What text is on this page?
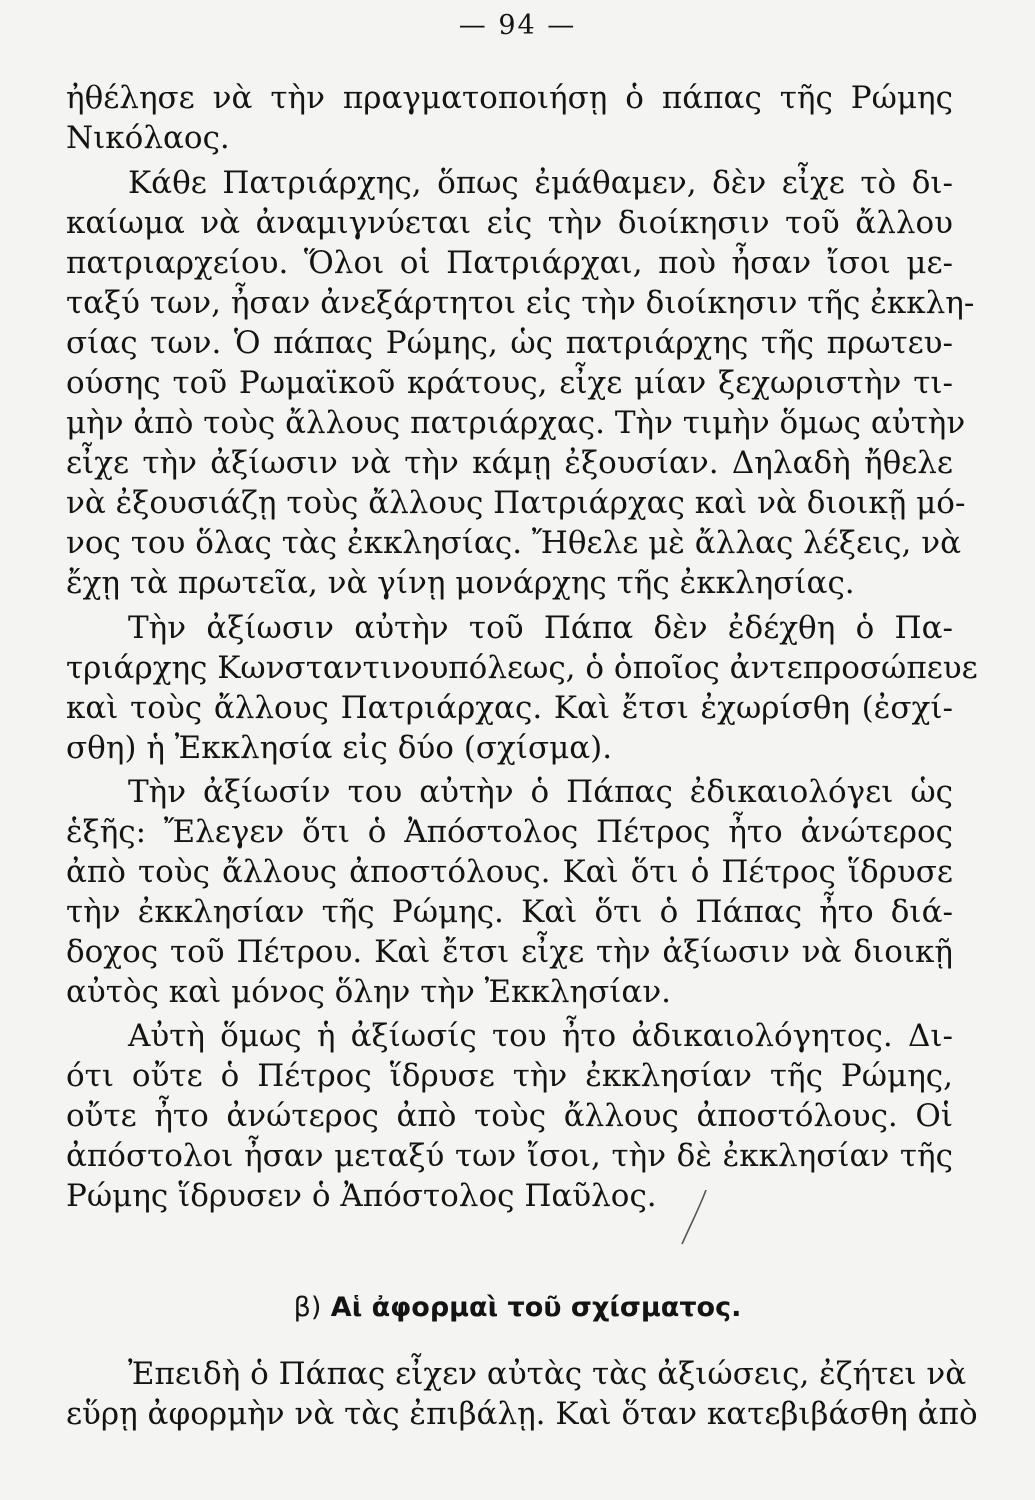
— 94 —
ἠθέλησε νὰ τὴν πραγματοποιήσῃ ὁ πάπας τῆς Ρώμης
Νικόλαος.
Κάθε Πατριάρχης, ὅπως ἐμάθαμεν, δὲν εἶχε τὸ δι-
καίωμα νὰ ἀναμιγνύεται εἰς τὴν διοίκησιν τοῦ ἄλλου
πατριαρχείου. Ὅλοι οἱ Πατριάρχαι, ποὺ ἦσαν ἴσοι με-
ταξύ των, ἦσαν ἀνεξάρτητοι εἰς τὴν διοίκησιν τῆς ἐκκλη-
σίας των. Ὁ πάπας Ρώμης, ὡς πατριάρχης τῆς πρωτευ-
ούσης τοῦ Ρωμαϊκοῦ κράτους, εἶχε μίαν ξεχωριστὴν τι-
μὴν ἀπὸ τοὺς ἄλλους πατριάρχας. Τὴν τιμὴν ὅμως αὐτὴν
εἶχε τὴν ἀξίωσιν νὰ τὴν κάμῃ ἐξουσίαν. Δηλαδὴ ἤθελε
νὰ ἐξουσιάζῃ τοὺς ἄλλους Πατριάρχας καὶ νὰ διοικῇ μό-
νος του ὅλας τὰς ἐκκλησίας. Ἤθελε μὲ ἄλλας λέξεις, νὰ
ἔχῃ τὰ πρωτεῖα, νὰ γίνῃ μονάρχης τῆς ἐκκλησίας.
Τὴν ἀξίωσιν αὐτὴν τοῦ Πάπα δὲν ἐδέχθη ὁ Πα-
τριάρχης Κωνσταντινουπόλεως, ὁ ὁποῖος ἀντεπροσώπευε
καὶ τοὺς ἄλλους Πατριάρχας. Καὶ ἔτσι ἐχωρίσθη (ἐσχί-
σθη) ἡ Ἐκκλησία εἰς δύο (σχίσμα).
Τὴν ἀξίωσίν του αὐτὴν ὁ Πάπας ἐδικαιολόγει ὡς
ἑξῆς: Ἔλεγεν ὅτι ὁ Ἀπόστολος Πέτρος ἦτο ἀνώτερος
ἀπὸ τοὺς ἄλλους ἀποστόλους. Καὶ ὅτι ὁ Πέτρος ἵδρυσε
τὴν ἐκκλησίαν τῆς Ρώμης. Καὶ ὅτι ὁ Πάπας ἦτο διά-
δοχος τοῦ Πέτρου. Καὶ ἔτσι εἶχε τὴν ἀξίωσιν νὰ διοικῇ
αὐτὸς καὶ μόνος ὅλην τὴν Ἐκκλησίαν.
Αὐτὴ ὅμως ἡ ἀξίωσίς του ἦτο ἀδικαιολόγητος. Δι-
ότι οὔτε ὁ Πέτρος ἵδρυσε τὴν ἐκκλησίαν τῆς Ρώμης,
οὔτε ἦτο ἀνώτερος ἀπὸ τοὺς ἄλλους ἀποστόλους. Οἱ
ἀπόστολοι ἦσαν μεταξύ των ἴσοι, τὴν δὲ ἐκκλησίαν τῆς
Ρώμης ἵδρυσεν ὁ Ἀπόστολος Παῦλος.
β) Αἱ ἀφορμαὶ τοῦ σχίσματος.
Ἐπειδὴ ὁ Πάπας εἶχεν αὐτὰς τὰς ἀξιώσεις, ἐζήτει νὰ
εὕρῃ ἀφορμὴν νὰ τὰς ἐπιβάλῃ. Καὶ ὅταν κατεβιβάσθη ἀπὸ
